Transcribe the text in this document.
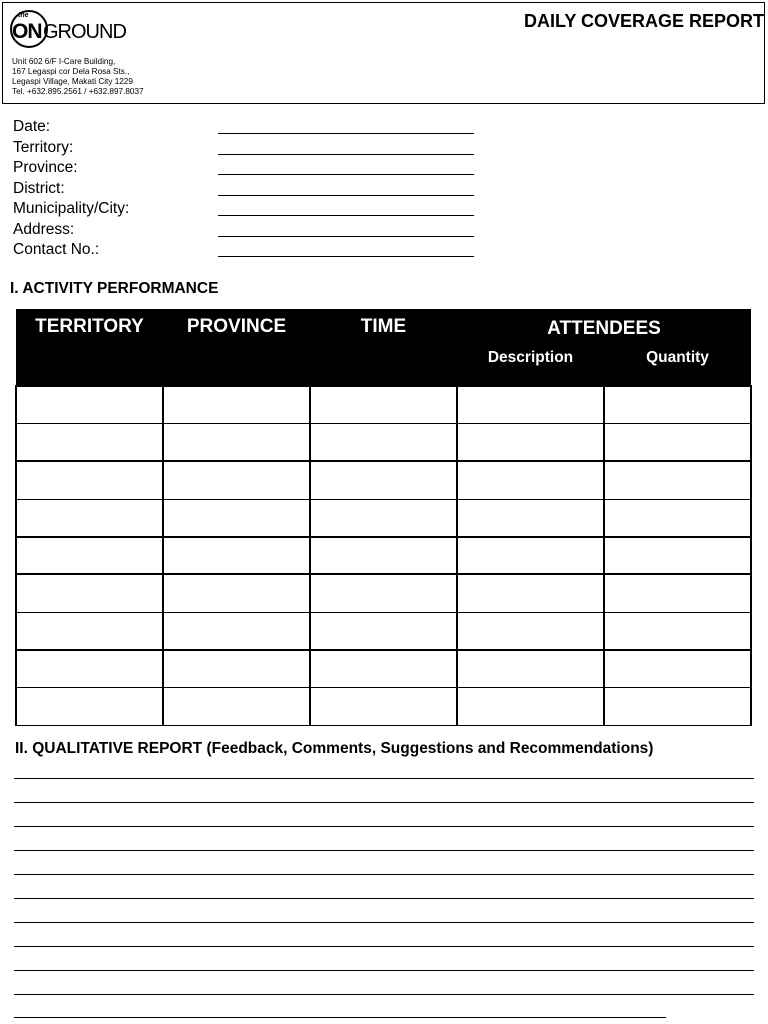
the
ON GROUND
Unit 602 6/F I-Care Building,
167 Legaspi cor Dela Rosa Sts.,
Legaspi Village, Makati City 1229
Tel. +632.895.2561 / +632.897.8037
DAILY COVERAGE REPORT
Date:
Territory:
Province:
District:
Municipality/City:
Address:
Contact No.:
I. ACTIVITY PERFORMANCE
TERRITORY	PROVINCE	TIME	ATTENDEES	
			Description	Quantity

II. QUALITATIVE REPORT (Feedback, Comments, Suggestions and Recommendations)
